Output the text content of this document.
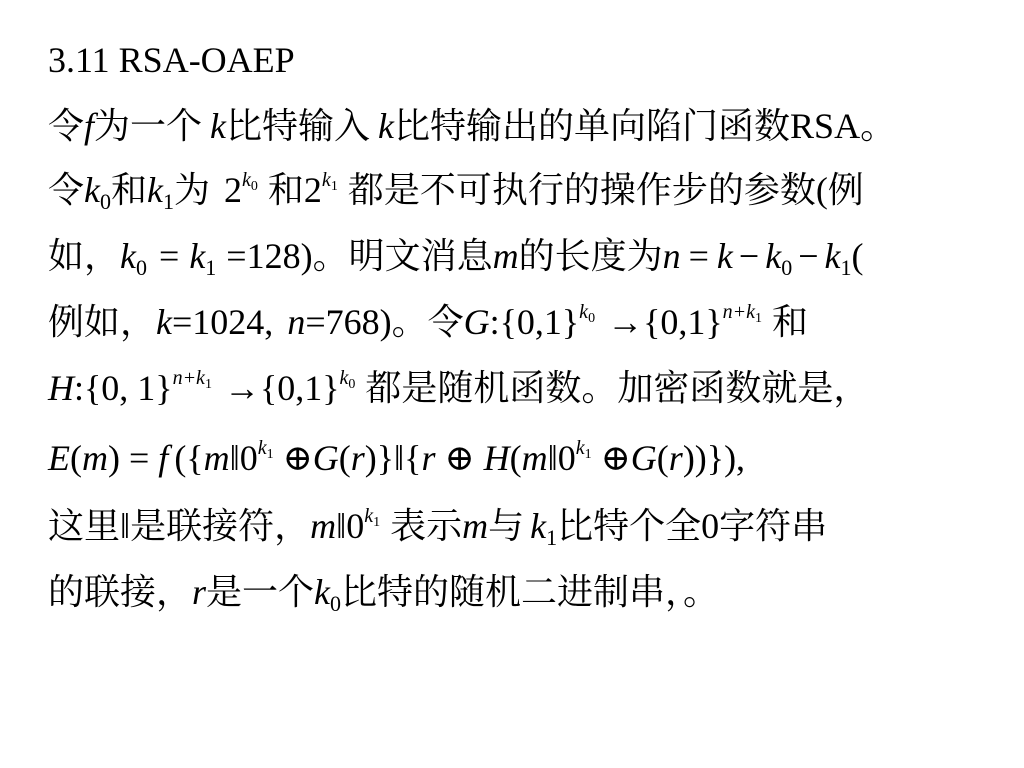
3.11 RSA-OAEP
令f为一个 k比特输入 k比特输出的单向陷门函数RSA。
令$k_0$和$k_1$为 $2^{k_0}$ 和$2^{k_1}$ 都是不可执行的操作步的参数(例
如，$k_0 = k_1 =128$)。明文消息m的长度为$n = k - k_0 - k_1$(
例如，k=1024, n=768)。令$G:\{0,1\}^{k_0} \to\{0,1\}^{n+k_1}$ 和
H:{0, $1\}^{n+k_1} \to\{0,1\}^{k_0}$ 都是随机函数。加密函数就是，
E(m) = f ({$m‖0^{k_1}$ ⊕G(r)}‖{r ⊕ $H(m‖0^{k_1}$ ⊕G(r))}),
这里‖是联接符，$m‖0^{k_1}$ 表示m与 $k_1$比特个全0字符串
的联接，r是一个$k_0$比特的随机二进制串，。
